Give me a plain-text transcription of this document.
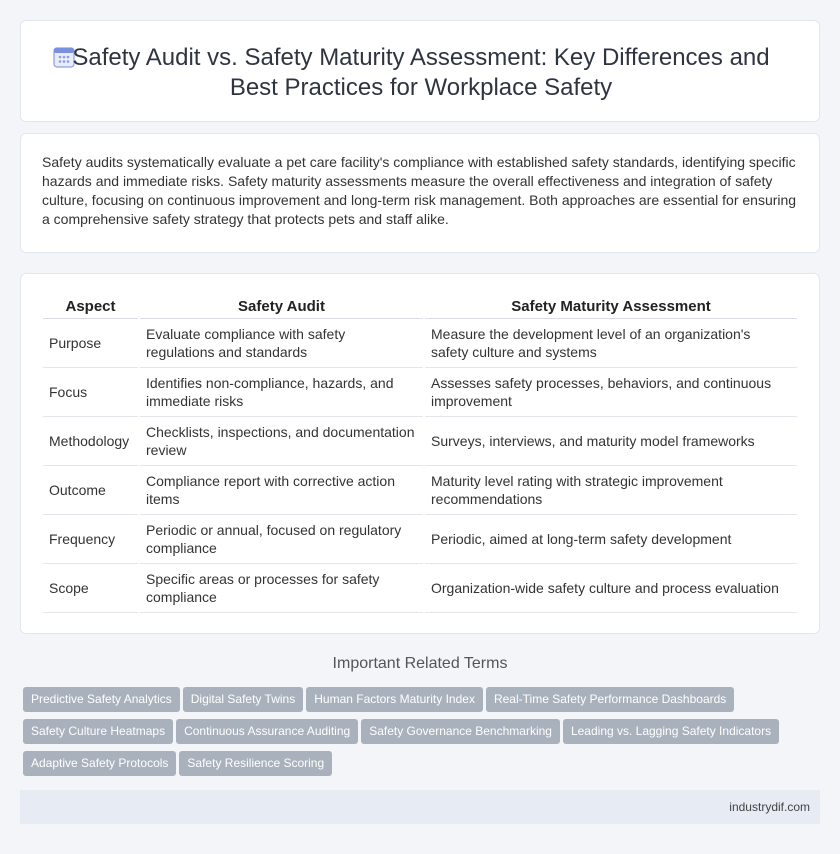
Safety Audit vs. Safety Maturity Assessment: Key Differences and
Best Practices for Workplace Safety

Safety audits systematically evaluate a pet care facility's compliance with established safety standards, identifying specific hazards and immediate risks. Safety maturity assessments measure the overall effectiveness and integration of safety culture, focusing on continuous improvement and long-term risk management. Both approaches are essential for ensuring a comprehensive safety strategy that protects pets and staff alike.

Aspect	Safety Audit	Safety Maturity Assessment
Purpose	Evaluate compliance with safety regulations and standards	Measure the development level of an organization's safety culture and systems
Focus	Identifies non-compliance, hazards, and immediate risks	Assesses safety processes, behaviors, and continuous improvement
Methodology	Checklists, inspections, and documentation review	Surveys, interviews, and maturity model frameworks
Outcome	Compliance report with corrective action items	Maturity level rating with strategic improvement recommendations
Frequency	Periodic or annual, focused on regulatory compliance	Periodic, aimed at long-term safety development
Scope	Specific areas or processes for safety compliance	Organization-wide safety culture and process evaluation
Important Related Terms
Predictive Safety Analytics Digital Safety Twins Human Factors Maturity Index Real-Time Safety Performance Dashboards
Safety Culture Heatmaps Continuous Assurance Auditing Safety Governance Benchmarking Leading vs. Lagging Safety Indicators
Adaptive Safety Protocols Safety Resilience Scoring
industrydif.com
